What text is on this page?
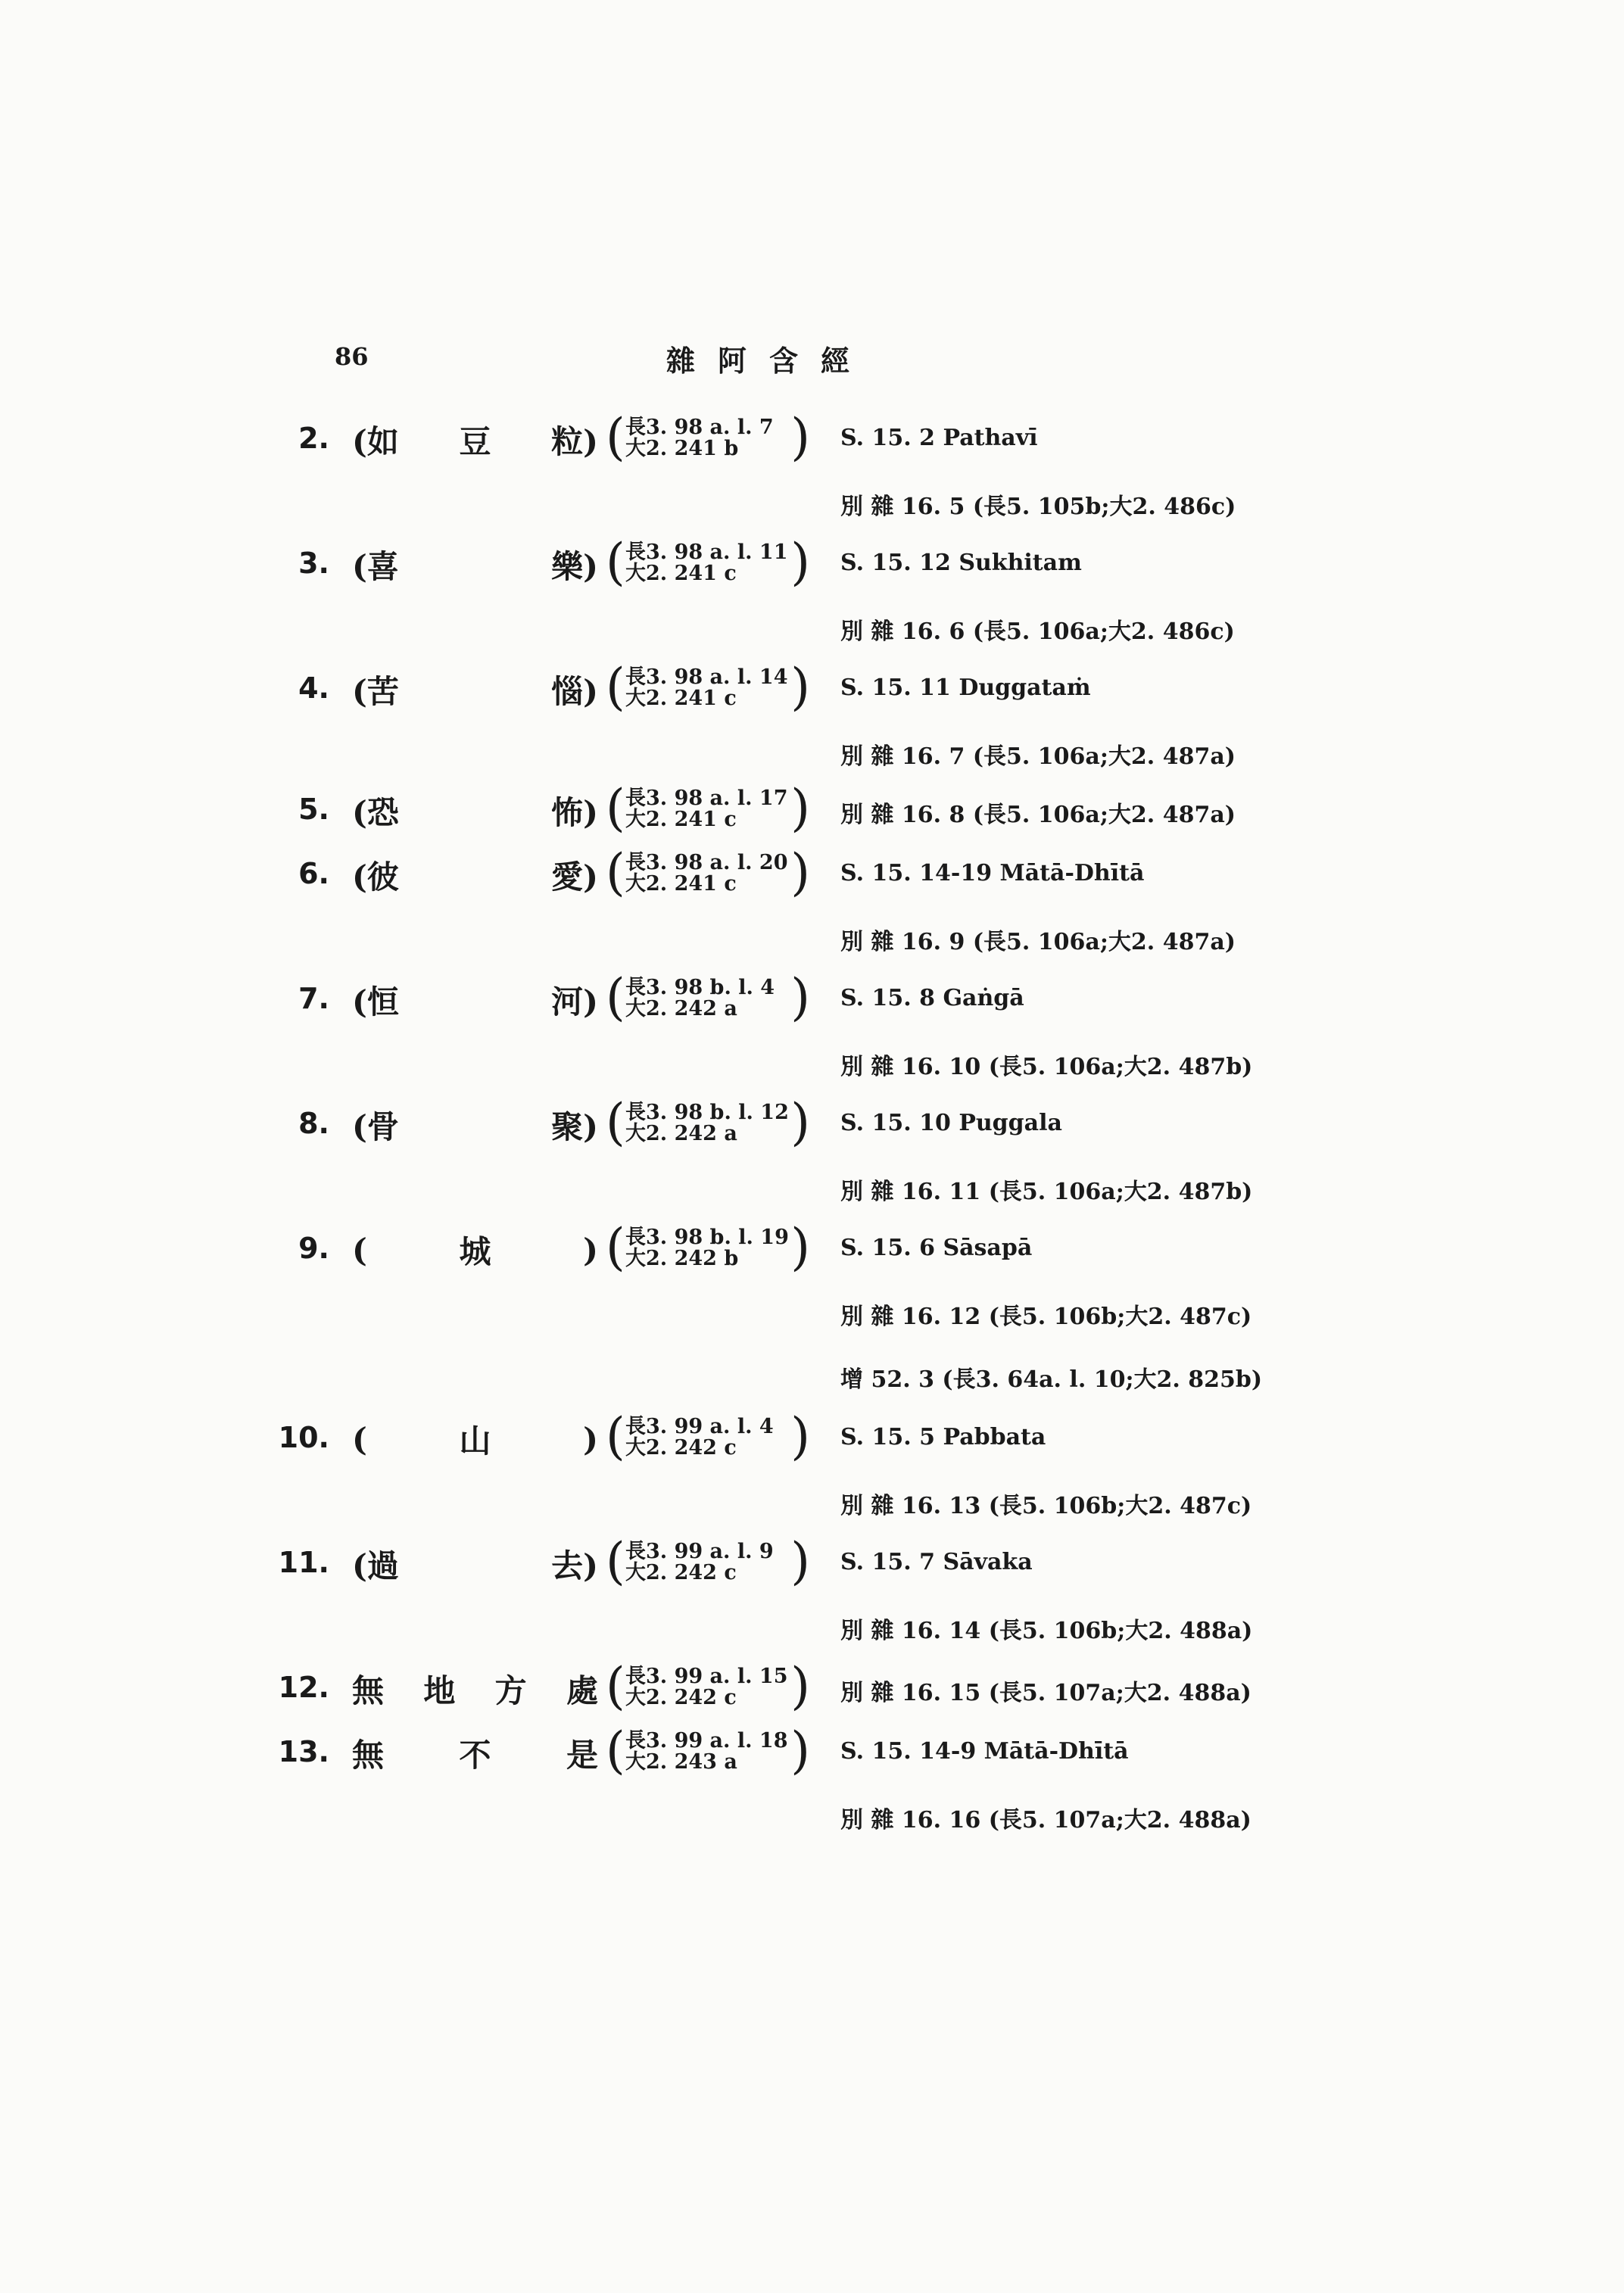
86	雜阿含經
2. (如 豆 粒) ( 長3. 98 a. l. 7
大2. 241 b ) S. 15. 2 Pathavī
別 雜 16. 5 (長5. 105b;大2. 486c)
3. (喜	樂) ( 長3. 98 a. l. 11
大2. 241 c ) S. 15. 12 Sukhitam
別 雜 16. 6 (長5. 106a;大2. 486c)
4. (苦	惱) ( 長3. 98 a. l. 14
大2. 241 c ) S. 15. 11 Duggataṁ
別 雜 16. 7 (長5. 106a;大2. 487a)
5. (恐	怖) ( 長3. 98 a. l. 17
大2. 241 c ) 別 雜 16. 8 (長5. 106a;大2. 487a)
6. (彼	愛) ( 長3. 98 a. l. 20
大2. 241 c ) S. 15. 14-19 Mātā-Dhītā
別 雜 16. 9 (長5. 106a;大2. 487a)
7. (恒	河) ( 長3. 98 b. l. 4
大2. 242 a ) S. 15. 8 Gaṅgā
別 雜 16. 10 (長5. 106a;大2. 487b)
8. (骨	聚) ( 長3. 98 b. l. 12
大2. 242 a ) S. 15. 10 Puggala
別 雜 16. 11 (長5. 106a;大2. 487b)
9. (	城	) ( 長3. 98 b. l. 19
大2. 242 b ) S. 15. 6 Sāsapā
別 雜 16. 12 (長5. 106b;大2. 487c)
增 52. 3 (長3. 64a. l. 10;大2. 825b)
10. (	山	) ( 長3. 99 a. l. 4
大2. 242 c ) S. 15. 5 Pabbata
別 雜 16. 13 (長5. 106b;大2. 487c)
11. (過	去) ( 長3. 99 a. l. 9
大2. 242 c ) S. 15. 7 Sāvaka
別 雜 16. 14 (長5. 106b;大2. 488a)
12. 無 地 方 處 ( 長3. 99 a. l. 15
大2. 242 c ) 別 雜 16. 15 (長5. 107a;大2. 488a)
13. 無 不 是 ( 長3. 99 a. l. 18
大2. 243 a ) S. 15. 14-9 Mātā-Dhītā
別 雜 16. 16 (長5. 107a;大2. 488a)
